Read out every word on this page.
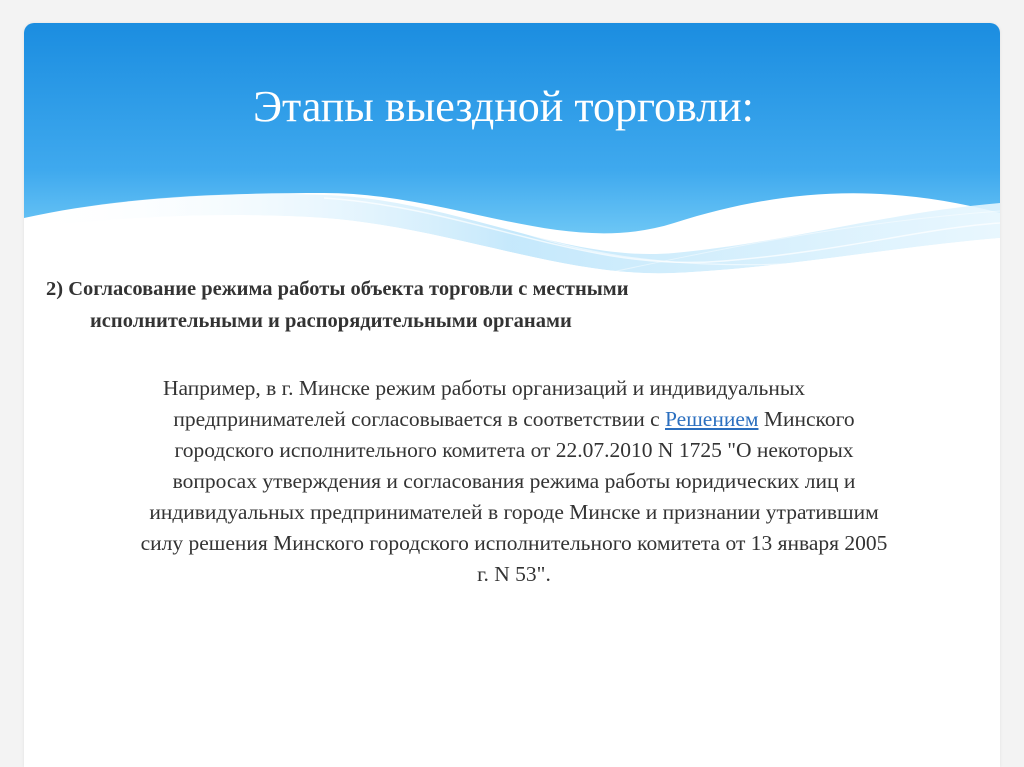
Этапы выездной торговли:

2) Согласование режима работы объекта торговли с местными
исполнительными и распорядительными органами

Например, в г. Минске режим работы организаций и индивидуальных
предпринимателей согласовывается в соответствии с Решением Минского
городского исполнительного комитета от 22.07.2010 N 1725 "О некоторых
вопросах утверждения и согласования режима работы юридических лиц и
индивидуальных предпринимателей в городе Минске и признании утратившим
силу решения Минского городского исполнительного комитета от 13 января 2005
г. N 53".
